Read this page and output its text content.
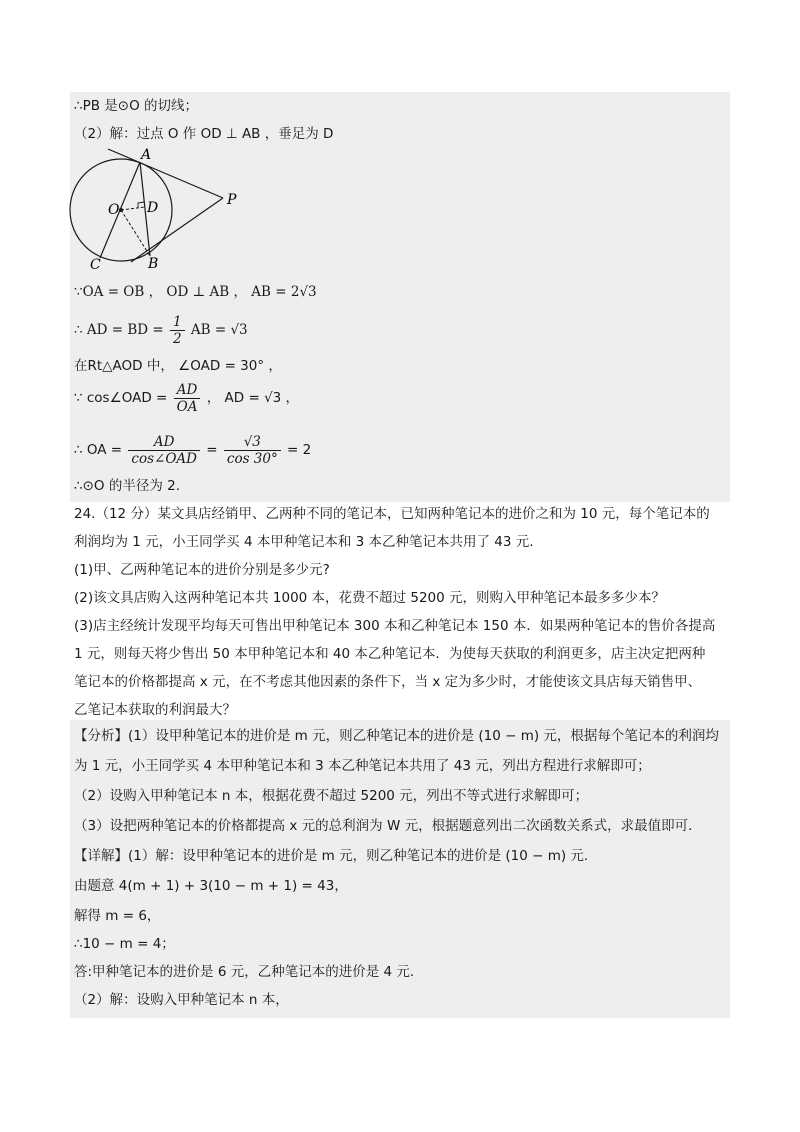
∴PB 是⊙O 的切线；
（2）解：过点 O 作 OD ⊥ AB ，垂足为 D
A
P
O D
C	B
∵OA = OB ， OD ⊥ AB ， AB = 2√3
∴ AD = BD = $\frac{1}{2}$ AB = √3
在Rt△AOD 中， ∠OAD = 30° ，
∵ cos∠OAD = $\frac{AD}{OA}$ ， AD = √3 ，
∴ OA = $\frac{AD}{\text{cos∠OAD}} = \frac{√3}{\cos 30^\circ} = 2$
∴⊙O 的半径为 2.
24.（12 分）某文具店经销甲、乙两种不同的笔记本，已知两种笔记本的进价之和为 10 元，每个笔记本的
利润均为 1 元，小王同学买 4 本甲种笔记本和 3 本乙种笔记本共用了 43 元.
(1)甲、乙两种笔记本的进价分别是多少元?
(2)该文具店购入这两种笔记本共 1000 本，花费不超过 5200 元，则购入甲种笔记本最多多少本？
(3)店主经统计发现平均每天可售出甲种笔记本 300 本和乙种笔记本 150 本．如果两种笔记本的售价各提高
1 元，则每天将少售出 50 本甲种笔记本和 40 本乙种笔记本．为使每天获取的利润更多，店主决定把两种
笔记本的价格都提高 x 元，在不考虑其他因素的条件下，当 x 定为多少时，才能使该文具店每天销售甲、
乙笔记本获取的利润最大？
【分析】(1）设甲种笔记本的进价是 m 元，则乙种笔记本的进价是 (10 − m) 元，根据每个笔记本的利润均
为 1 元，小王同学买 4 本甲种笔记本和 3 本乙种笔记本共用了 43 元，列出方程进行求解即可；
（2）设购入甲种笔记本 n 本，根据花费不超过 5200 元，列出不等式进行求解即可；
（3）设把两种笔记本的价格都提高 x 元的总利润为 W 元，根据题意列出二次函数关系式，求最值即可．
【详解】(1）解：设甲种笔记本的进价是 m 元，则乙种笔记本的进价是 (10 − m) 元.
由题意 4(m + 1) + 3(10 − m + 1) = 43，
解得 m = 6，
∴10 − m = 4；
答:甲种笔记本的进价是 6 元，乙种笔记本的进价是 4 元.
（2）解：设购入甲种笔记本 n 本，
